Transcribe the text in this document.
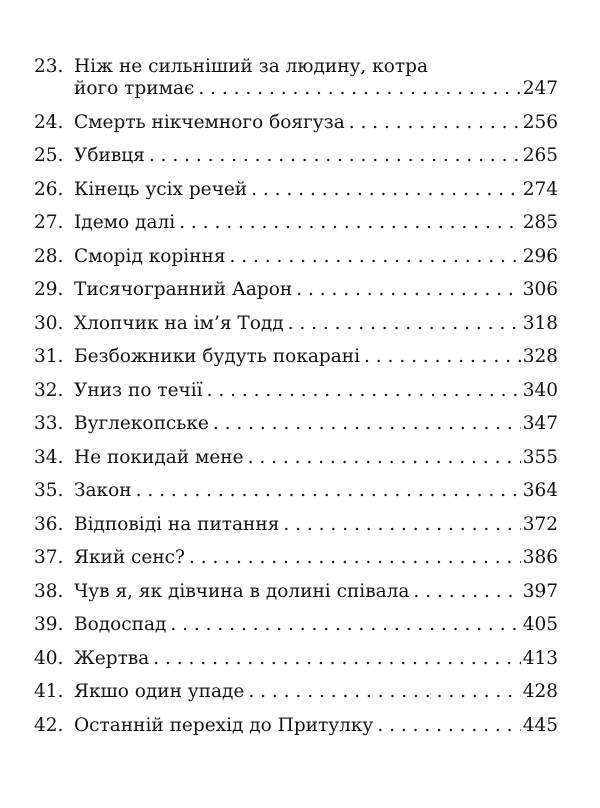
23. Ніж не сильніший за людину, котра
його тримає . . .	247
24. Смерть нікчемного боягуза . . .	256
25. Убивця . . .	265
26. Кінець усіх речей . . .	274
27. Ідемо далі . . .	285
28. Сморід коріння . . .	296
29. Тисячогранний Аарон . . .	306
30. Хлопчик на ім’я Тодд . . .	318
31. Безбожники будуть покарані . . .	328
32. Униз по течії . . .	340
33. Вуглекопське . . .	347
34. Не покидай мене . . .	355
35. Закон . . .	364
36. Відповіді на питання . . .	372
37. Який сенс? . . .	386
38. Чув я, як дівчина в долині співала . . .	397
39. Водоспад . . .	405
40. Жертва . . .	413
41. Якшо один упаде . . .	428
42. Останній перехід до Притулку . . .	445
